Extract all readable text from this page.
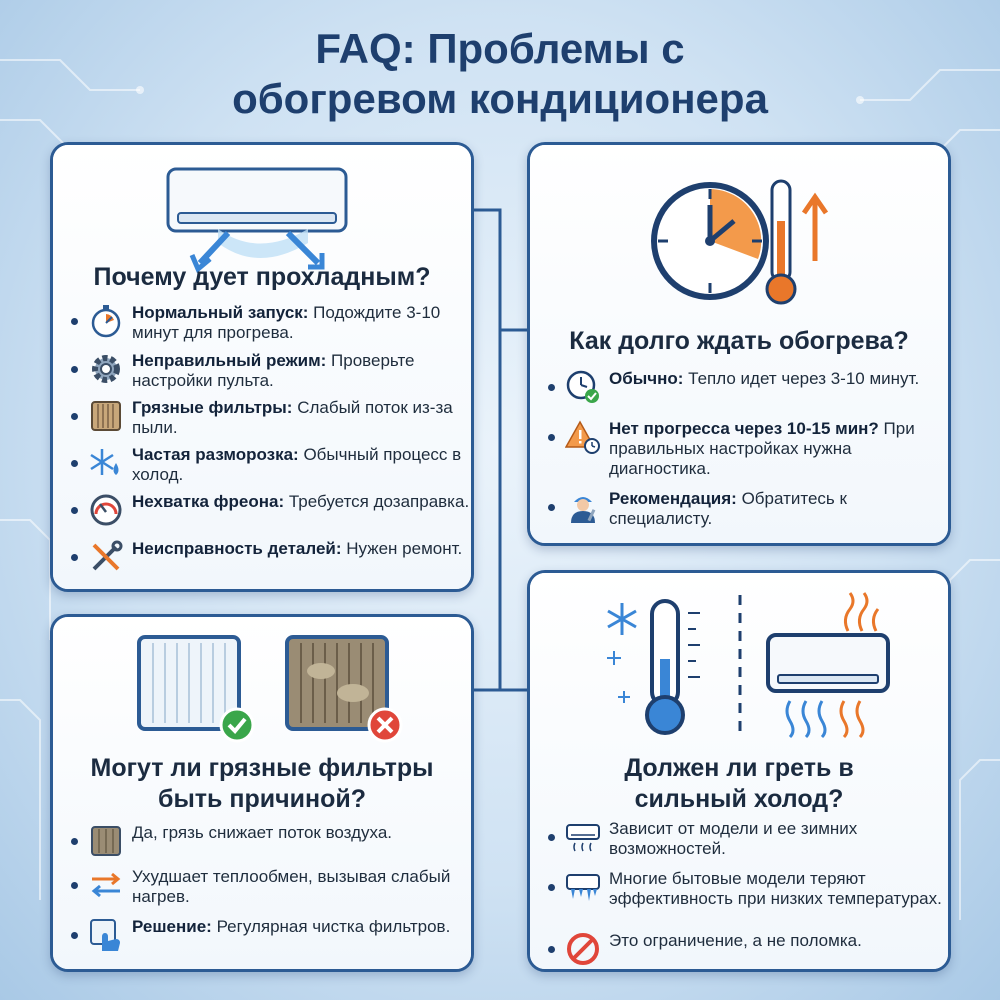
FAQ: Проблемы с
обогревом кондиционера
Почему дует прохладным?
Нормальный запуск: Подождите 3-10 минут для прогрева.
Неправильный режим: Проверьте настройки пульта.
Грязные фильтры: Слабый поток из-за пыли.
Частая разморозка: Обычный процесс в холод.
Нехватка фреона: Требуется дозаправка.
Неисправность деталей: Нужен ремонт.
Как долго ждать обогрева?
Обычно: Тепло идет через 3-10 минут.
Нет прогресса через 10-15 мин? При правильных настройках нужна диагностика.
Рекомендация: Обратитесь к специалисту.
Могут ли грязные фильтры
быть причиной?
Да, грязь снижает поток воздуха.
Ухудшает теплообмен, вызывая слабый нагрев.
Решение: Регулярная чистка фильтров.
Должен ли греть в
сильный холод?
Зависит от модели и ее зимних возможностей.
Многие бытовые модели теряют эффективность при низких температурах.
Это ограничение, а не поломка.
